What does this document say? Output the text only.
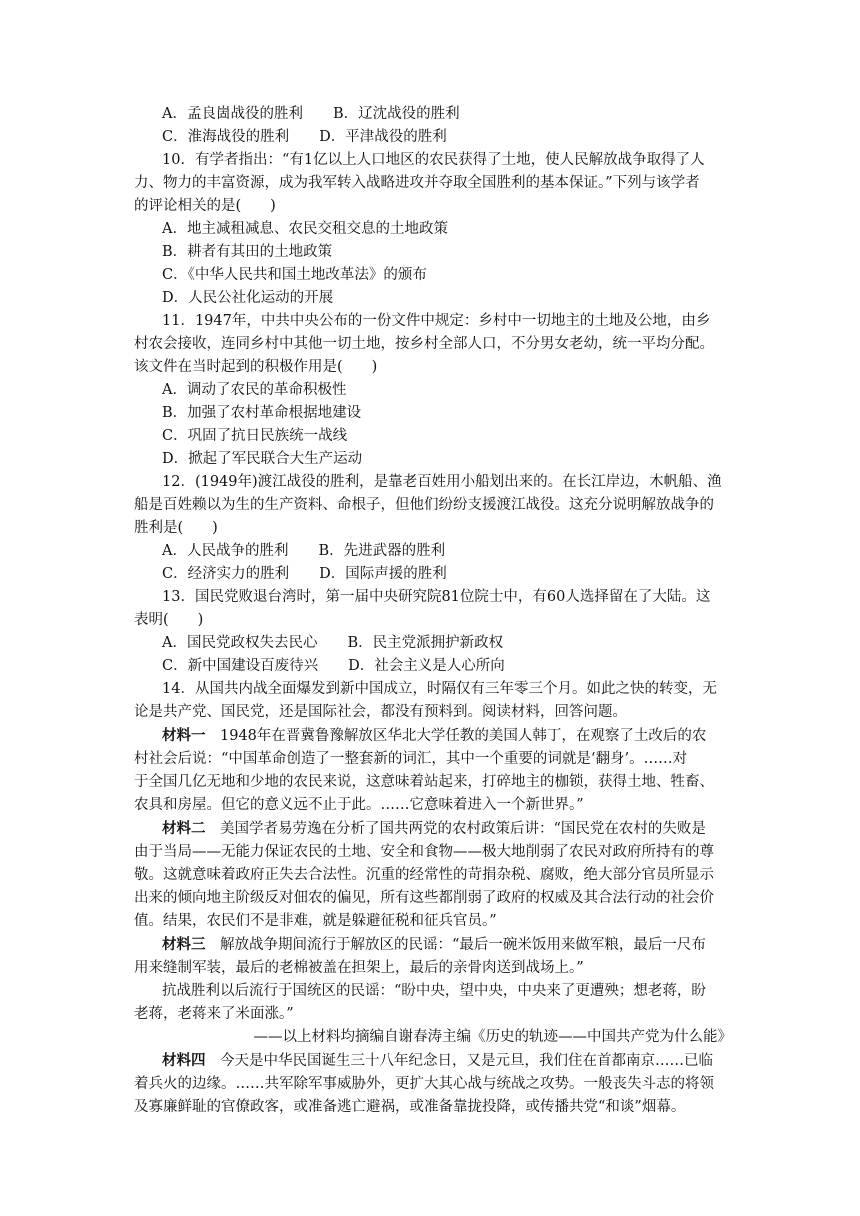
A．孟良崮战役的胜利 B．辽沈战役的胜利
C．淮海战役的胜利 D．平津战役的胜利
10．有学者指出：“有1亿以上人口地区的农民获得了土地，使人民解放战争取得了人
力、物力的丰富资源，成为我军转入战略进攻并夺取全国胜利的基本保证。”下列与该学者
的评论相关的是(　　)
A．地主减租减息、农民交租交息的土地政策
B．耕者有其田的土地政策
C．《中华人民共和国土地改革法》的颁布
D．人民公社化运动的开展
11．1947年，中共中央公布的一份文件中规定：乡村中一切地主的土地及公地，由乡
村农会接收，连同乡村中其他一切土地，按乡村全部人口，不分男女老幼，统一平均分配。
该文件在当时起到的积极作用是(　　)
A．调动了农民的革命积极性
B．加强了农村革命根据地建设
C．巩固了抗日民族统一战线
D．掀起了军民联合大生产运动
12．(1949年)渡江战役的胜利，是靠老百姓用小船划出来的。在长江岸边，木帆船、渔
船是百姓赖以为生的生产资料、命根子，但他们纷纷支援渡江战役。这充分说明解放战争的
胜利是(　　)
A．人民战争的胜利 B．先进武器的胜利
C．经济实力的胜利 D．国际声援的胜利
13．国民党败退台湾时，第一届中央研究院81位院士中，有60人选择留在了大陆。这
表明(　　)
A．国民党政权失去民心 B．民主党派拥护新政权
C．新中国建设百废待兴 D．社会主义是人心所向
14．从国共内战全面爆发到新中国成立，时隔仅有三年零三个月。如此之快的转变，无
论是共产党、国民党，还是国际社会，都没有预料到。阅读材料，回答问题。
材料一　1948年在晋冀鲁豫解放区华北大学任教的美国人韩丁，在观察了土改后的农
村社会后说：“中国革命创造了一整套新的词汇，其中一个重要的词就是‘翻身’。……对
于全国几亿无地和少地的农民来说，这意味着站起来，打碎地主的枷锁，获得土地、牲畜、
农具和房屋。但它的意义远不止于此。……它意味着进入一个新世界。”
材料二　美国学者易劳逸在分析了国共两党的农村政策后讲：“国民党在农村的失败是
由于当局——无能力保证农民的土地、安全和食物——极大地削弱了农民对政府所持有的尊
敬。这就意味着政府正失去合法性。沉重的经常性的苛捐杂税、腐败，绝大部分官员所显示
出来的倾向地主阶级反对佃农的偏见，所有这些都削弱了政府的权威及其合法行动的社会价
值。结果，农民们不是非难，就是躲避征税和征兵官员。”
材料三　解放战争期间流行于解放区的民谣：“最后一碗米饭用来做军粮，最后一尺布
用来缝制军装，最后的老棉被盖在担架上，最后的亲骨肉送到战场上。”
抗战胜利以后流行于国统区的民谣：“盼中央，望中央，中央来了更遭殃；想老蒋，盼
老蒋，老蒋来了米面涨。”
——以上材料均摘编自谢春涛主编《历史的轨迹——中国共产党为什么能》
材料四　今天是中华民国诞生三十八年纪念日，又是元旦，我们住在首都南京……已临
着兵火的边缘。……共军除军事威胁外，更扩大其心战与统战之攻势。一般丧失斗志的将领
及寡廉鲜耻的官僚政客，或准备逃亡避祸，或准备靠拢投降，或传播共党“和谈”烟幕。
